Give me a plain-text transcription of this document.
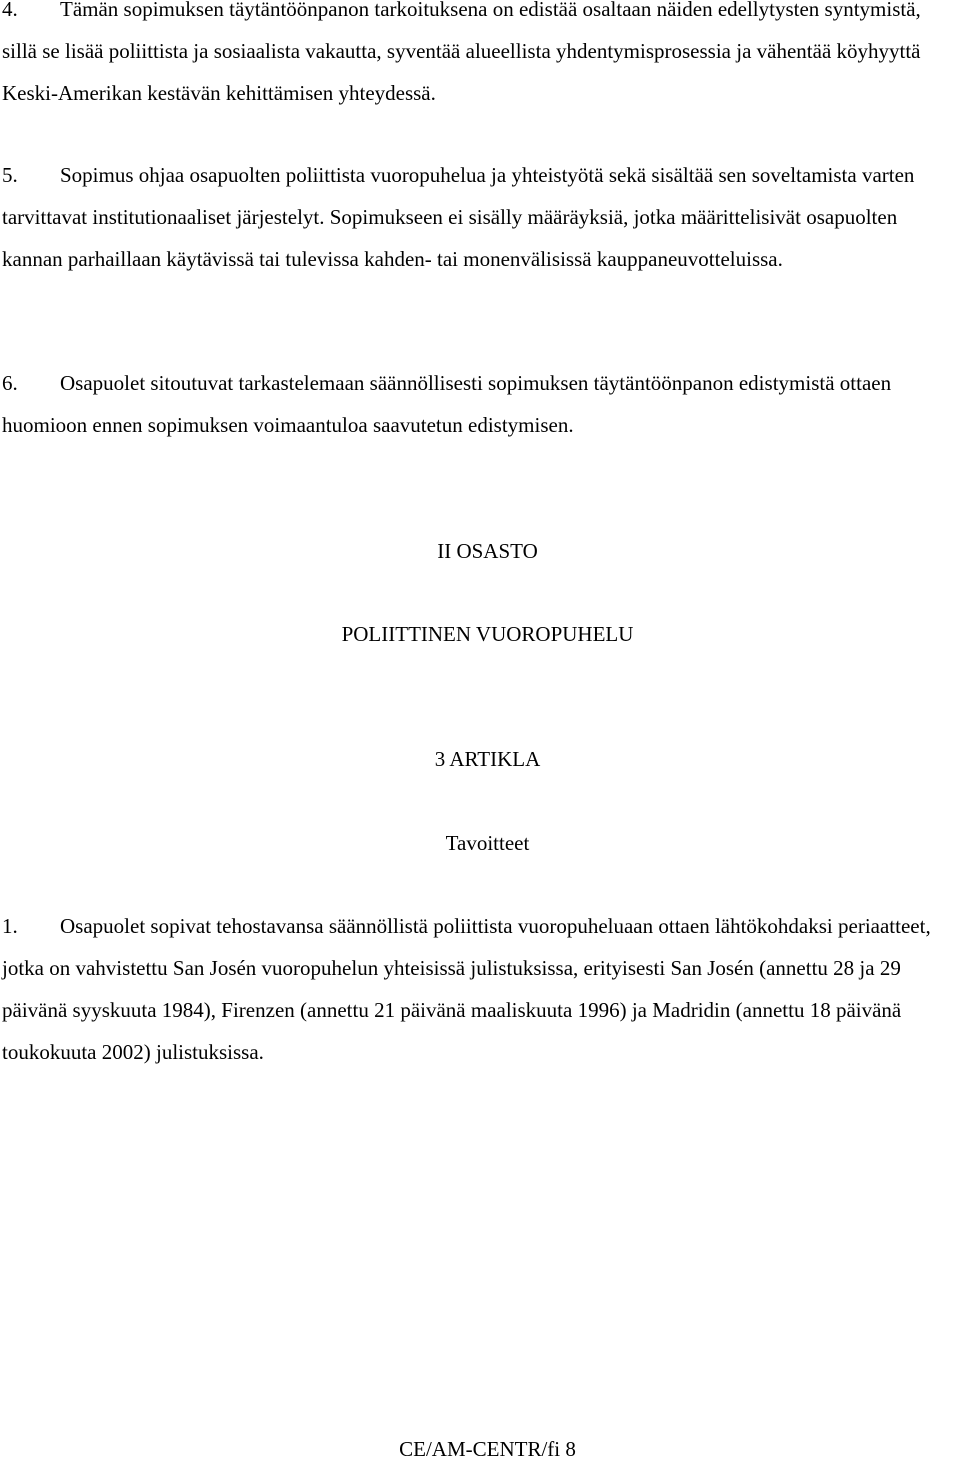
4. Tämän sopimuksen täytäntöönpanon tarkoituksena on edistää osaltaan näiden edellytysten syntymistä, sillä se lisää poliittista ja sosiaalista vakautta, syventää alueellista yhdentymisprosessia ja vähentää köyhyyttä Keski-Amerikan kestävän kehittämisen yhteydessä.

5. Sopimus ohjaa osapuolten poliittista vuoropuhelua ja yhteistyötä sekä sisältää sen soveltamista varten tarvittavat institutionaaliset järjestelyt. Sopimukseen ei sisälly määräyksiä, jotka määrittelisivät osapuolten kannan parhaillaan käytävissä tai tulevissa kahden- tai monenvälisissä kauppaneuvotteluissa.

6. Osapuolet sitoutuvat tarkastelemaan säännöllisesti sopimuksen täytäntöönpanon edistymistä ottaen huomioon ennen sopimuksen voimaantuloa saavutetun edistymisen.

II OSASTO

POLIITTINEN VUOROPUHELU

3 ARTIKLA

Tavoitteet

1. Osapuolet sopivat tehostavansa säännöllistä poliittista vuoropuheluaan ottaen lähtökohdaksi periaatteet, jotka on vahvistettu San Josén vuoropuhelun yhteisissä julistuksissa, erityisesti San Josén (annettu 28 ja 29 päivänä syyskuuta 1984), Firenzen (annettu 21 päivänä maaliskuuta 1996) ja Madridin (annettu 18 päivänä toukokuuta 2002) julistuksissa.

CE/AM-CENTR/fi 8
